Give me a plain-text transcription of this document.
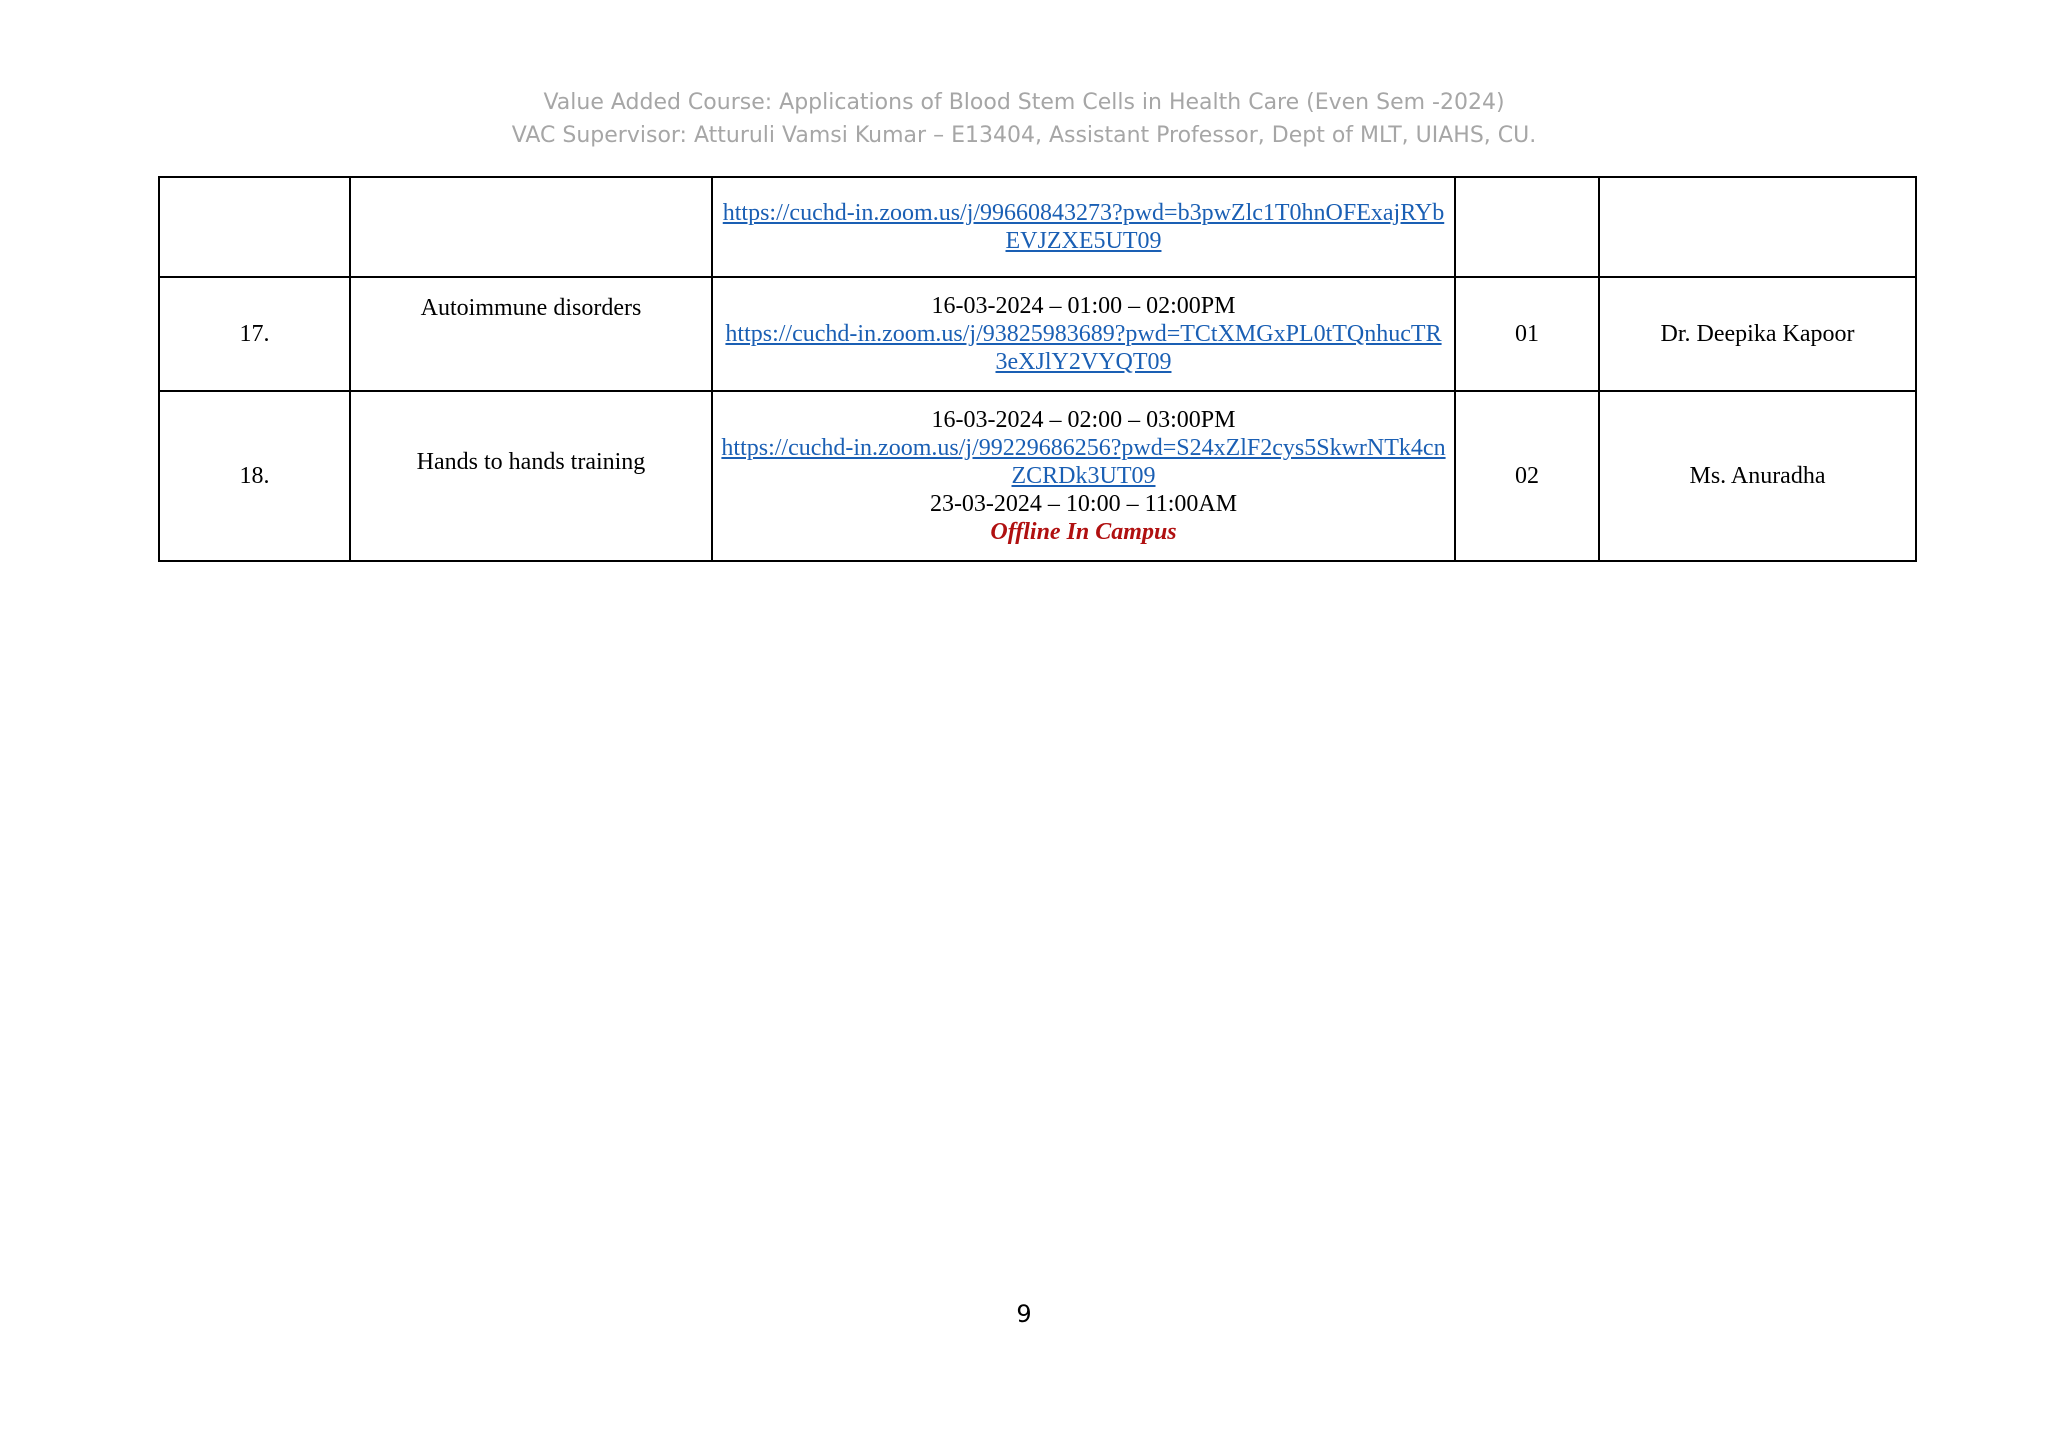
Value Added Course: Applications of Blood Stem Cells in Health Care (Even Sem -2024)
VAC Supervisor: Atturuli Vamsi Kumar – E13404, Assistant Professor, Dept of MLT, UIAHS, CU.

		https://cuchd-in.zoom.us/j/99660843273?pwd=b3pwZlc1T0hnOFExajRYbEVJZXE5UT09		

17.	Autoimmune disorders	16-03-2024 – 01:00 – 02:00PM
https://cuchd-in.zoom.us/j/93825983689?pwd=TCtXMGxPL0tTQnhucTR3eXJlY2VYQT09	01	Dr. Deepika Kapoor
18.	Hands to hands training	16-03-2024 – 02:00 – 03:00PM
https://cuchd-in.zoom.us/j/99229686256?pwd=S24xZlF2cys5SkwrNTk4cnZCRDk3UT09
23-03-2024 – 10:00 – 11:00AM
Offline In Campus	02	Ms. Anuradha
9
